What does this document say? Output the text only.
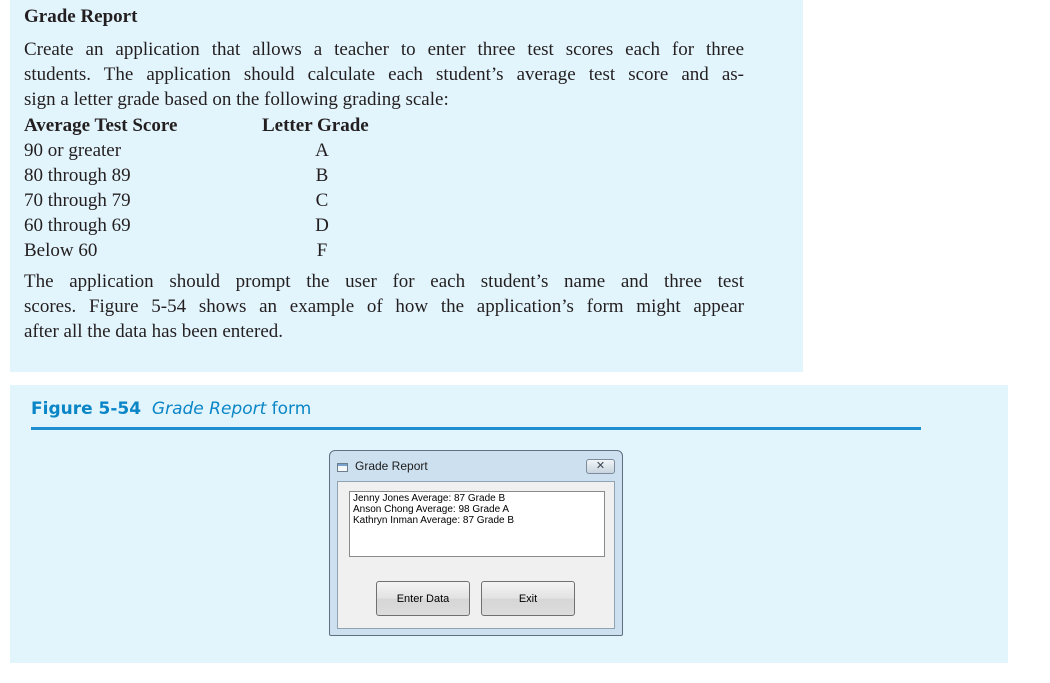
Grade Report

Create an application that allows a teacher to enter three test scores each for three
students. The application should calculate each student’s average test score and as-
sign a letter grade based on the following grading scale:

Average Test Score	Letter Grade
90 or greater	A
80 through 89	B
70 through 79	C
60 through 69	D
Below 60	F

The application should prompt the user for each student’s name and three test
scores. Figure 5-54 shows an example of how the application’s form might appear
after all the data has been entered.

Figure 5-54 Grade Report form
Grade Report	✕
Jenny Jones Average: 87 Grade B
Anson Chong Average: 98 Grade A
Kathryn Inman Average: 87 Grade B
Enter Data	Exit
